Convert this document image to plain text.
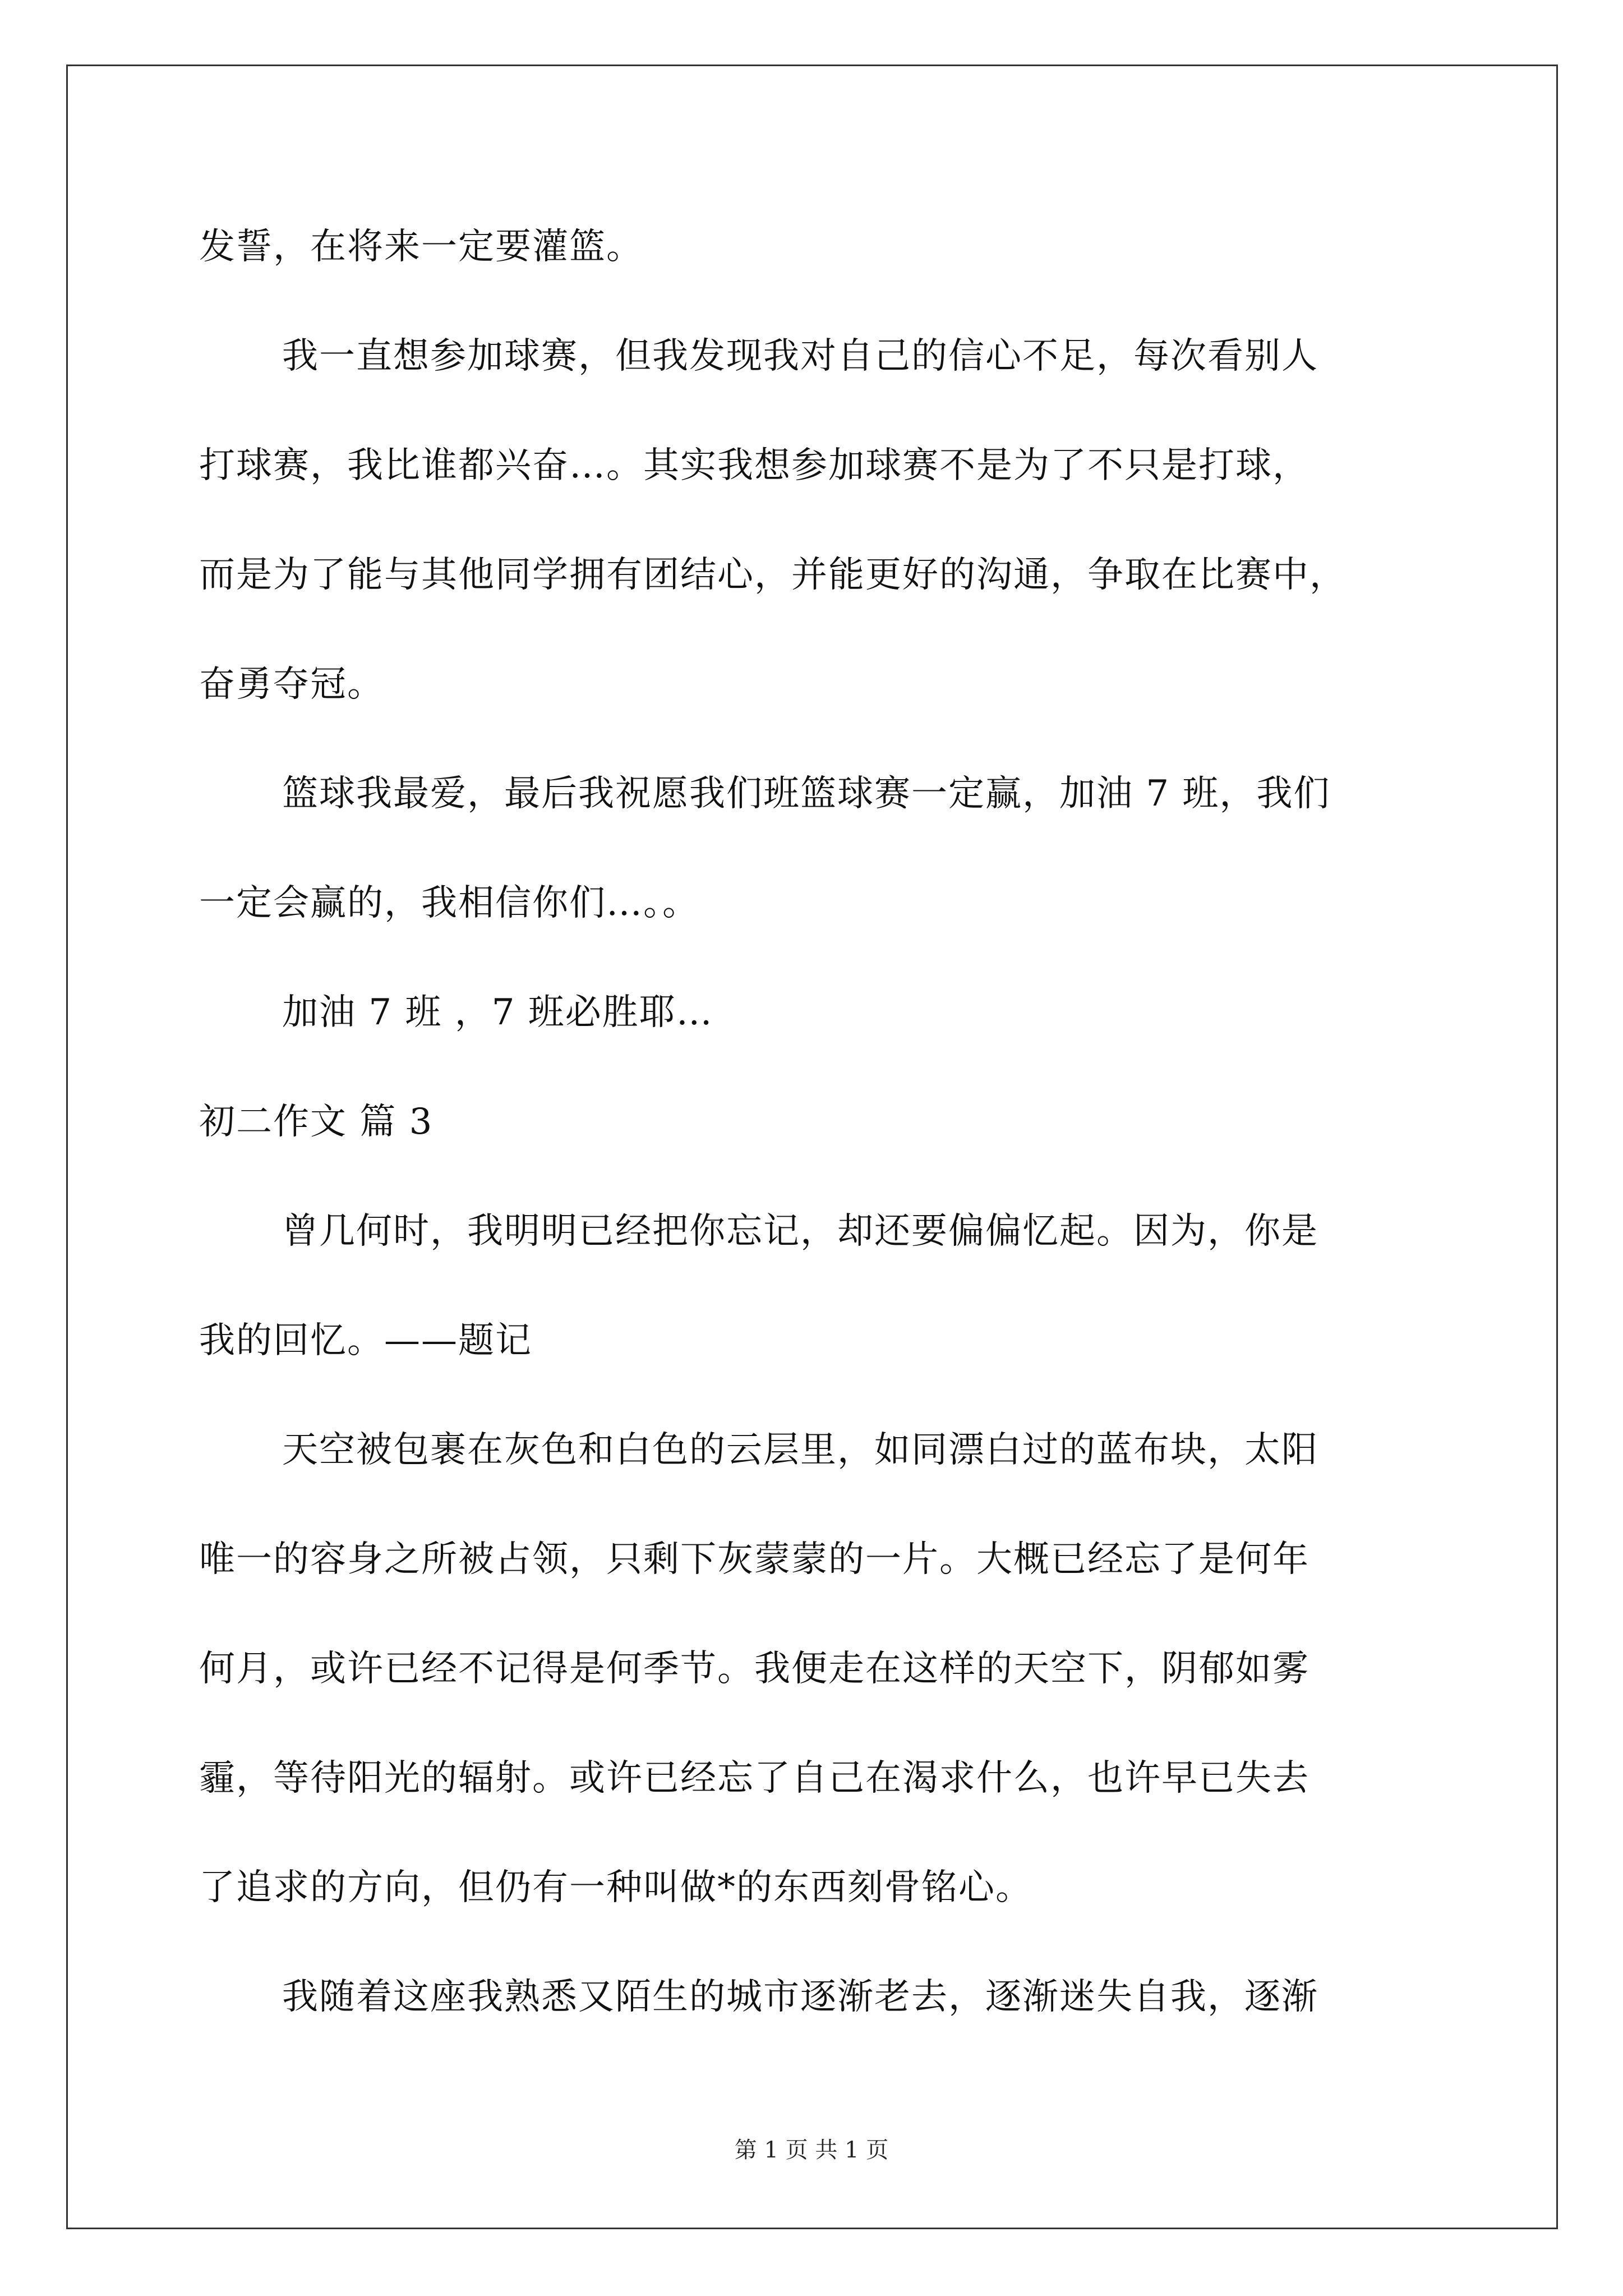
发誓，在将来一定要灌篮。
我一直想参加球赛，但我发现我对自己的信心不足，每次看别人
打球赛，我比谁都兴奋…。其实我想参加球赛不是为了不只是打球，
而是为了能与其他同学拥有团结心，并能更好的沟通，争取在比赛中，
奋勇夺冠。
篮球我最爱，最后我祝愿我们班篮球赛一定赢，加油 7 班，我们
一定会赢的，我相信你们…。。
加油 7 班 ，7 班必胜耶…
初二作文 篇 3
曾几何时，我明明已经把你忘记，却还要偏偏忆起。因为，你是
我的回忆。——题记
天空被包裹在灰色和白色的云层里，如同漂白过的蓝布块，太阳
唯一的容身之所被占领，只剩下灰蒙蒙的一片。大概已经忘了是何年
何月，或许已经不记得是何季节。我便走在这样的天空下，阴郁如雾
霾，等待阳光的辐射。或许已经忘了自己在渴求什么，也许早已失去
了追求的方向，但仍有一种叫做*的东西刻骨铭心。
我随着这座我熟悉又陌生的城市逐渐老去，逐渐迷失自我，逐渐
第 1 页 共 1 页
